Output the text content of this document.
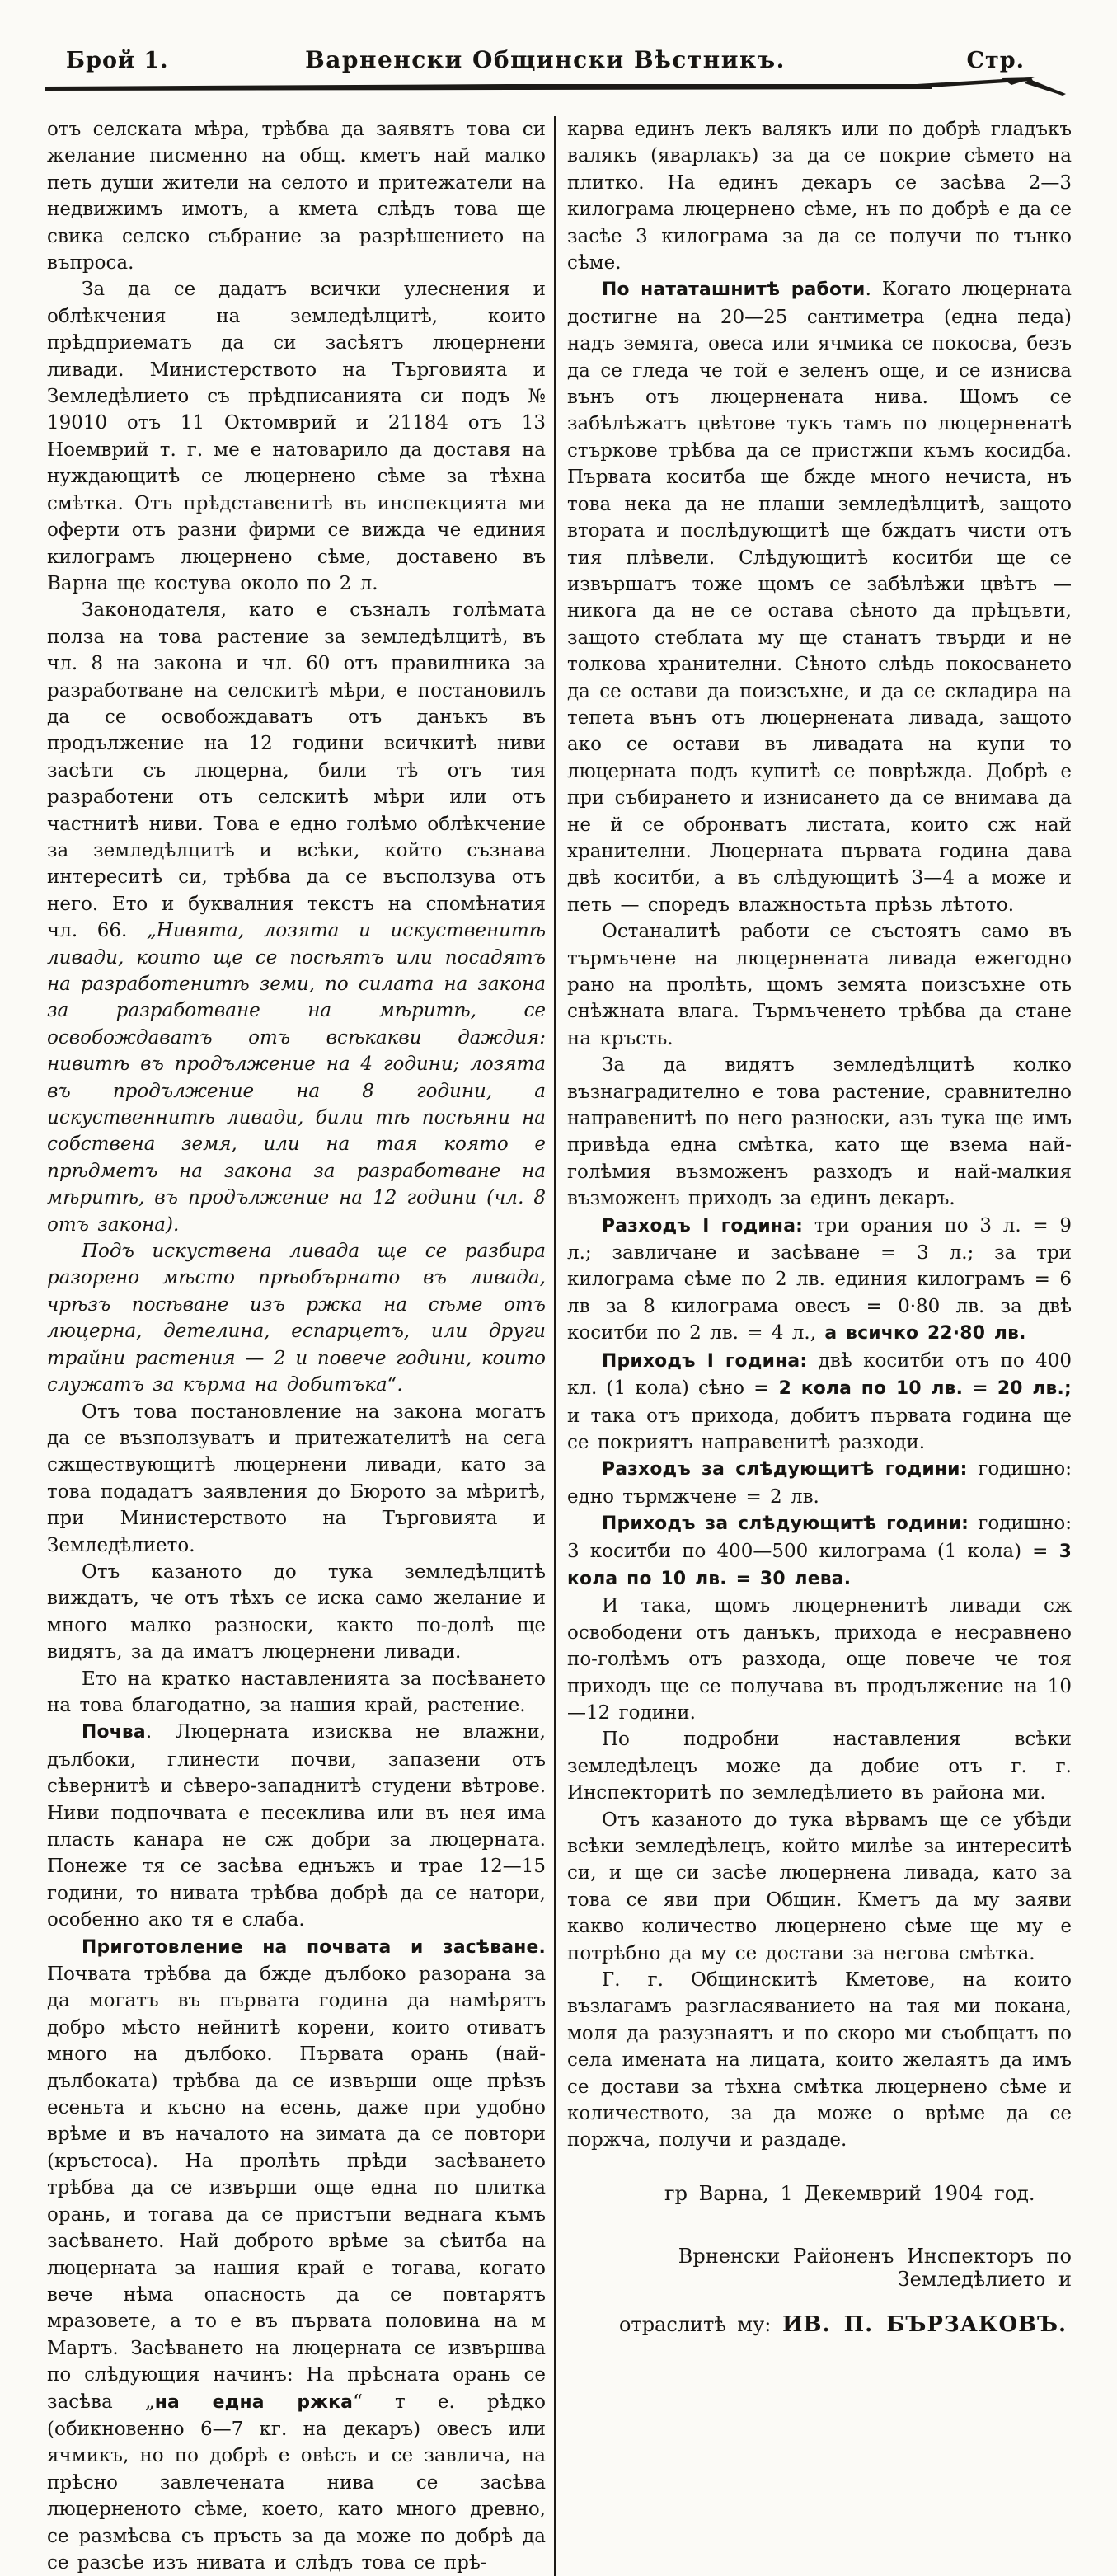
Брой 1.	Варненски Общински Вѣстникъ.	Стр.

отъ селската мѣра, трѣбва да заявятъ това си желание писменно на общ. кметъ най малко петь души жители на селото и притежатели на недвижимъ имотъ, а кмета слѣдъ това ще свика селско събрание за разрѣшението на въпроса.

За да се дадатъ всички улеснения и облѣкчения на земледѣлцитѣ, които прѣдприематъ да си засѣятъ люцернени ливади. Министерството на Търговията и Земледѣлието съ прѣдписанията си подъ № 19010 отъ 11 Октомврий и 21184 отъ 13 Ноемврий т. г. ме е натоварило да доставя на нуждающитѣ се люцернено сѣме за тѣхна смѣтка. Отъ прѣдставенитѣ въ инспекцията ми оферти отъ разни фирми се вижда че единия килограмъ люцернено сѣме, доставено въ Варна ще костува около по 2 л.

Законодателя, като е съзналъ голѣмата полза на това растение за земледѣлцитѣ, въ чл. 8 на закона и чл. 60 отъ правилника за разработване на селскитѣ мѣри, е постановилъ да се освобождаватъ отъ данъкъ въ продължение на 12 години всичкитѣ ниви засѣти съ люцерна, били тѣ отъ тия разработени отъ селскитѣ мѣри или отъ частнитѣ ниви. Това е едно голѣмо облѣкчение за земледѣлцитѣ и всѣки, който съзнава интереситѣ си, трѣбва да се въсползува отъ него. Ето и буквалния текстъ на спомѣнатия чл. 66. „Нивята, лозята и искуственитѣ ливади, които ще се посѣятъ или посадятъ на разработенитѣ земи, по силата на закона за разработване на мѣритѣ, се освобождаватъ отъ всѣкакви даждия: нивитѣ въ продължение на 4 години; лозята въ продължение на 8 години, а искуственнитѣ ливади, били тѣ посѣяни на собствена земя, или на тая която е прѣдметъ на закона за разработване на мѣритѣ, въ продължение на 12 години (чл. 8 отъ закона).

Подъ искуствена ливада ще се разбира разорено мѣсто прѣобърнато въ ливада, чрѣзъ посѣване изъ ржка на сѣме отъ люцерна, детелина, еспарцетъ, или други трайни растения — 2 и повече години, които служатъ за кърма на добитъка“.

Отъ това постановление на закона могатъ да се възползуватъ и притежателитѣ на сега сжществующитѣ люцернени ливади, като за това подадатъ заявления до Бюрото за мѣритѣ, при Министерството на Търговията и Земледѣлието.

Отъ казаното до тука земледѣлцитѣ виждатъ, че отъ тѣхъ се иска само желание и много малко разноски, както по-долѣ ще видятъ, за да иматъ люцернени ливади.

Ето на кратко наставленията за посѣването на това благодатно, за нашия край, растение.

Почва. Люцерната изисква не влажни, дълбоки, глинести почви, запазени отъ сѣвернитѣ и сѣверо-западнитѣ студени вѣтрове. Ниви подпочвата е песеклива или въ нея има пласть канара не сж добри за люцерната. Понеже тя се засѣва еднъжъ и трае 12—15 години, то нивата трѣбва добрѣ да се натори, особенно ако тя е слаба.

Приготовление на почвата и засѣване. Почвата трѣбва да бжде дълбоко разорана за да могатъ въ първата година да намѣрятъ добро мѣсто нейнитѣ корени, които отиватъ много на дълбоко. Първата орань (най-дълбоката) трѣбва да се извърши още прѣзъ есеньта и късно на есень, даже при удобно врѣме и въ началото на зимата да се повтори (кръстоса). На пролѣть прѣди засѣването трѣбва да се извърши още една по плитка орань, и тогава да се пристъпи веднага къмъ засѣването. Най доброто врѣме за сѣитба на люцерната за нашия край е тогава, когато вече нѣма опасность да се повтарятъ мразовете, а то е въ първата половина на м Мартъ. Засѣването на люцерната се извършва по слѣдующия начинъ: На прѣсната орань се засѣва „на една ржка“ т е. рѣдко (обикновенно 6—7 кг. на декаръ) овесъ или ячмикъ, но по добрѣ е овѣсъ и се завлича, на прѣсно завлечената нива се засѣва люцерненото сѣме, което, като много древно, се размѣсва съ пръсть за да може по добрѣ да се разсѣе изъ нивата и слѣдъ това се прѣ-

карва единъ лекъ валякъ или по добрѣ гладъкъ валякъ (яварлакъ) за да се покрие сѣмето на плитко. На единъ декаръ се засѣва 2—3 килограма люцернено сѣме, нъ по добрѣ е да се засѣе 3 килограма за да се получи по тънко сѣме.

По нататашнитѣ работи. Когато люцерната достигне на 20—25 сантиметра (една педа) надъ земята, овеса или ячмика се покосва, безъ да се гледа че той е зеленъ още, и се изнисва вънъ отъ люцернената нива. Щомъ се забѣлѣжатъ цвѣтове тукъ тамъ по люцерненатѣ стъркове трѣбва да се пристжпи къмъ косидба. Първата коситба ще бжде много нечиста, нъ това нека да не плаши земледѣлцитѣ, защото втората и послѣдующитѣ ще бждатъ чисти отъ тия плѣвели. Слѣдующитѣ коситби ще се извършатъ тоже щомъ се забѣлѣжи цвѣтъ — никога да не се остава сѣното да прѣцъвти, защото стеблата му ще станатъ твърди и не толкова хранителни. Сѣното слѣдь покосването да се остави да поизсъхне, и да се складира на тепета вънъ отъ люцернената ливада, защото ако се остави въ ливадата на купи то люцерната подъ купитѣ се поврѣжда. Добрѣ е при събирането и изнисането да се внимава да не й се обронватъ листата, които сж най хранителни. Люцерната първата година дава двѣ коситби, а въ слѣдующитѣ 3—4 а може и петь — споредъ влажностьта прѣзь лѣтото.

Останалитѣ работи се състоятъ само въ търмъчене на люцернената ливада ежегодно рано на пролѣть, щомъ земята поизсъхне оть снѣжната влага. Търмъченето трѣбва да стане на кръсть.

За да видятъ земледѣлцитѣ колко възнаградително е това растение, сравнително направенитѣ по него разноски, азъ тука ще имъ привѣда една смѣтка, като ще взема най-голѣмия възможенъ разходъ и най-малкия възможенъ приходъ за единъ декаръ.

Разходъ I година: три орания по 3 л. = 9 л.; завличане и засѣване = 3 л.; за три килограма сѣме по 2 лв. единия килограмъ = 6 лв за 8 килограма овесъ = 0·80 лв. за двѣ коситби по 2 лв. = 4 л., а всичко 22·80 лв.

Приходъ I година: двѣ коситби отъ по 400 кл. (1 кола) сѣно = 2 кола по 10 лв. = 20 лв.; и така отъ прихода, добитъ първата година ще се покриятъ направенитѣ разходи.

Разходъ за слѣдующитѣ години: годишно: едно търмжчене = 2 лв.

Приходъ за слѣдующитѣ години: годишно: 3 коситби по 400—500 килограма (1 кола) = 3 кола по 10 лв. = 30 лева.

И така, щомъ люцерненитѣ ливади сж освободени отъ данъкъ, прихода е несравнено по-голѣмъ отъ разхода, още повече че тоя приходъ ще се получава въ продължение на 10—12 години.

По подробни наставления всѣки земледѣлецъ може да добие отъ г. г. Инспекторитѣ по земледѣлието въ района ми.

Отъ казаното до тука вѣрвамъ ще се убѣди всѣки земледѣлецъ, който милѣе за интереситѣ си, и ще си засѣе люцернена ливада, като за това се яви при Общин. Кметъ да му заяви какво количество люцернено сѣме ще му е потрѣбно да му се достави за негова смѣтка.

Г. г. Общинскитѣ Кметове, на които възлагамъ разгласяванието на тая ми покана, моля да разузнаятъ и по скоро ми съобщатъ по села имената на лицата, които желаятъ да имъ се достави за тѣхна смѣтка люцернено сѣме и количеството, за да може о врѣме да се поржча, получи и раздаде.

гр Варна, 1 Декемврий 1904 год.

Врненски Районенъ Инспекторъ по Земледѣлието и

отраслитѣ му: ИВ. П. БЪРЗАКОВЪ.
